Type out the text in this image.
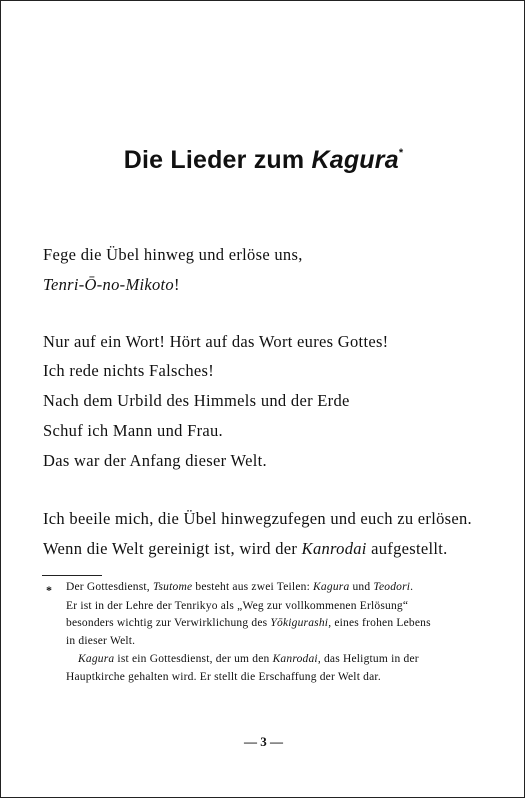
Die Lieder zum Kagura*
Fege die Übel hinweg und erlöse uns,
Tenri-Ō-no-Mikoto!
Nur auf ein Wort! Hört auf das Wort eures Gottes!
Ich rede nichts Falsches!
Nach dem Urbild des Himmels und der Erde
Schuf ich Mann und Frau.
Das war der Anfang dieser Welt.
Ich beeile mich, die Übel hinwegzufegen und euch zu erlösen.
Wenn die Welt gereinigt ist, wird der Kanrodai aufgestellt.
* Der Gottesdienst, Tsutome besteht aus zwei Teilen: Kagura und Teodori.
Er ist in der Lehre der Tenrikyo als „Weg zur vollkommenen Erlösung“
besonders wichtig zur Verwirklichung des Yōkigurashi, eines frohen Lebens
in dieser Welt.
Kagura ist ein Gottesdienst, der um den Kanrodai, das Heligtum in der
Hauptkirche gehalten wird. Er stellt die Erschaffung der Welt dar.
— 3 —
